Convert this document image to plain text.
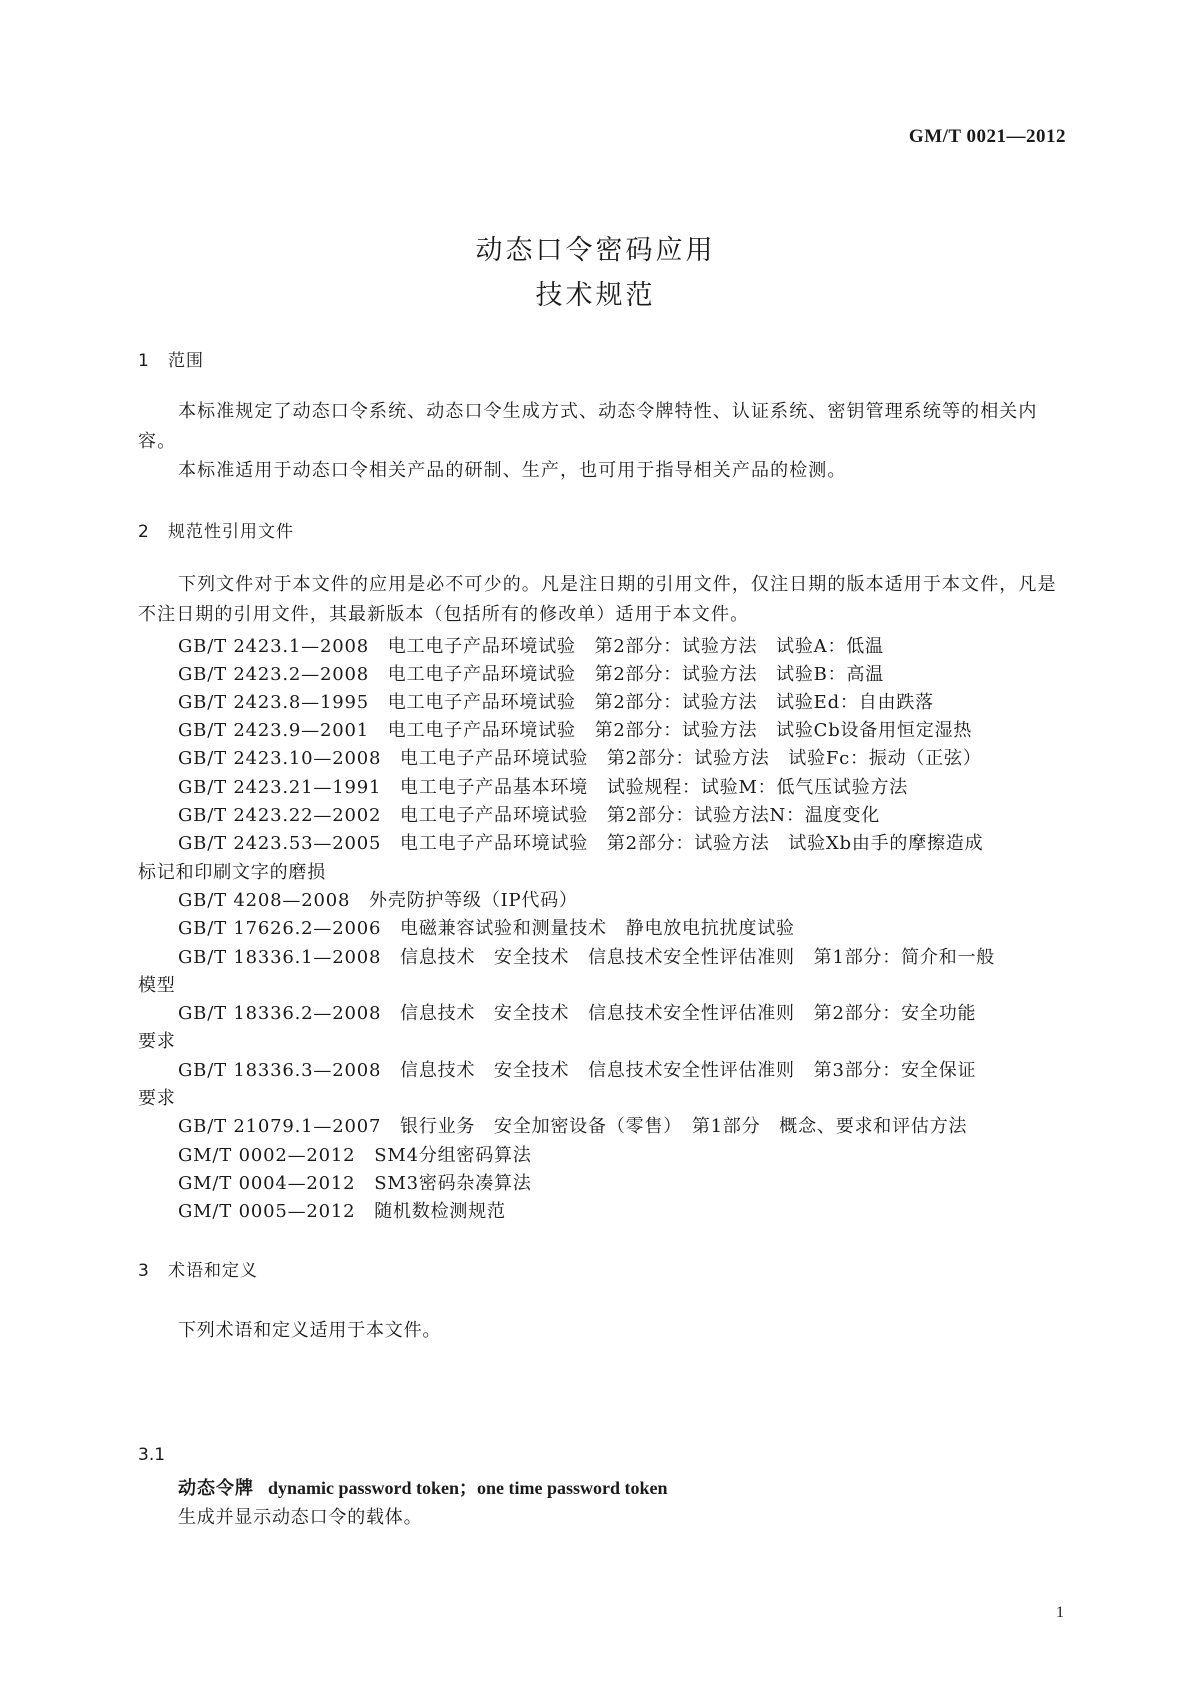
GM/T 0021—2012
动态口令密码应用
技术规范
1 范围
本标准规定了动态口令系统、动态口令生成方式、动态令牌特性、认证系统、密钥管理系统等的相关内容。
本标准适用于动态口令相关产品的研制、生产，也可用于指导相关产品的检测。
2 规范性引用文件
下列文件对于本文件的应用是必不可少的。凡是注日期的引用文件，仅注日期的版本适用于本文件，凡是不注日期的引用文件，其最新版本（包括所有的修改单）适用于本文件。
GB/T 2423.1—2008　电工电子产品环境试验　第2部分：试验方法　试验A：低温
GB/T 2423.2—2008　电工电子产品环境试验　第2部分：试验方法　试验B：高温
GB/T 2423.8—1995　电工电子产品环境试验　第2部分：试验方法　试验Ed：自由跌落
GB/T 2423.9—2001　电工电子产品环境试验　第2部分：试验方法　试验Cb设备用恒定湿热
GB/T 2423.10—2008　电工电子产品环境试验　第2部分：试验方法　试验Fc：振动（正弦）
GB/T 2423.21—1991　电工电子产品基本环境　试验规程：试验M：低气压试验方法
GB/T 2423.22—2002　电工电子产品环境试验　第2部分：试验方法N：温度变化
GB/T 2423.53—2005　电工电子产品环境试验　第2部分：试验方法　试验Xb由手的摩擦造成
标记和印刷文字的磨损
GB/T 4208—2008　外壳防护等级（IP代码）
GB/T 17626.2—2006　电磁兼容试验和测量技术　静电放电抗扰度试验
GB/T 18336.1—2008　信息技术　安全技术　信息技术安全性评估准则　第1部分：简介和一般
模型
GB/T 18336.2—2008　信息技术　安全技术　信息技术安全性评估准则　第2部分：安全功能
要求
GB/T 18336.3—2008　信息技术　安全技术　信息技术安全性评估准则　第3部分：安全保证
要求
GB/T 21079.1—2007　银行业务　安全加密设备（零售）　第1部分　概念、要求和评估方法
GM/T 0002—2012　SM4分组密码算法
GM/T 0004—2012　SM3密码杂凑算法
GM/T 0005—2012　随机数检测规范
3 术语和定义
下列术语和定义适用于本文件。
3.1
动态令牌 dynamic password token；one time password token
生成并显示动态口令的载体。
1
